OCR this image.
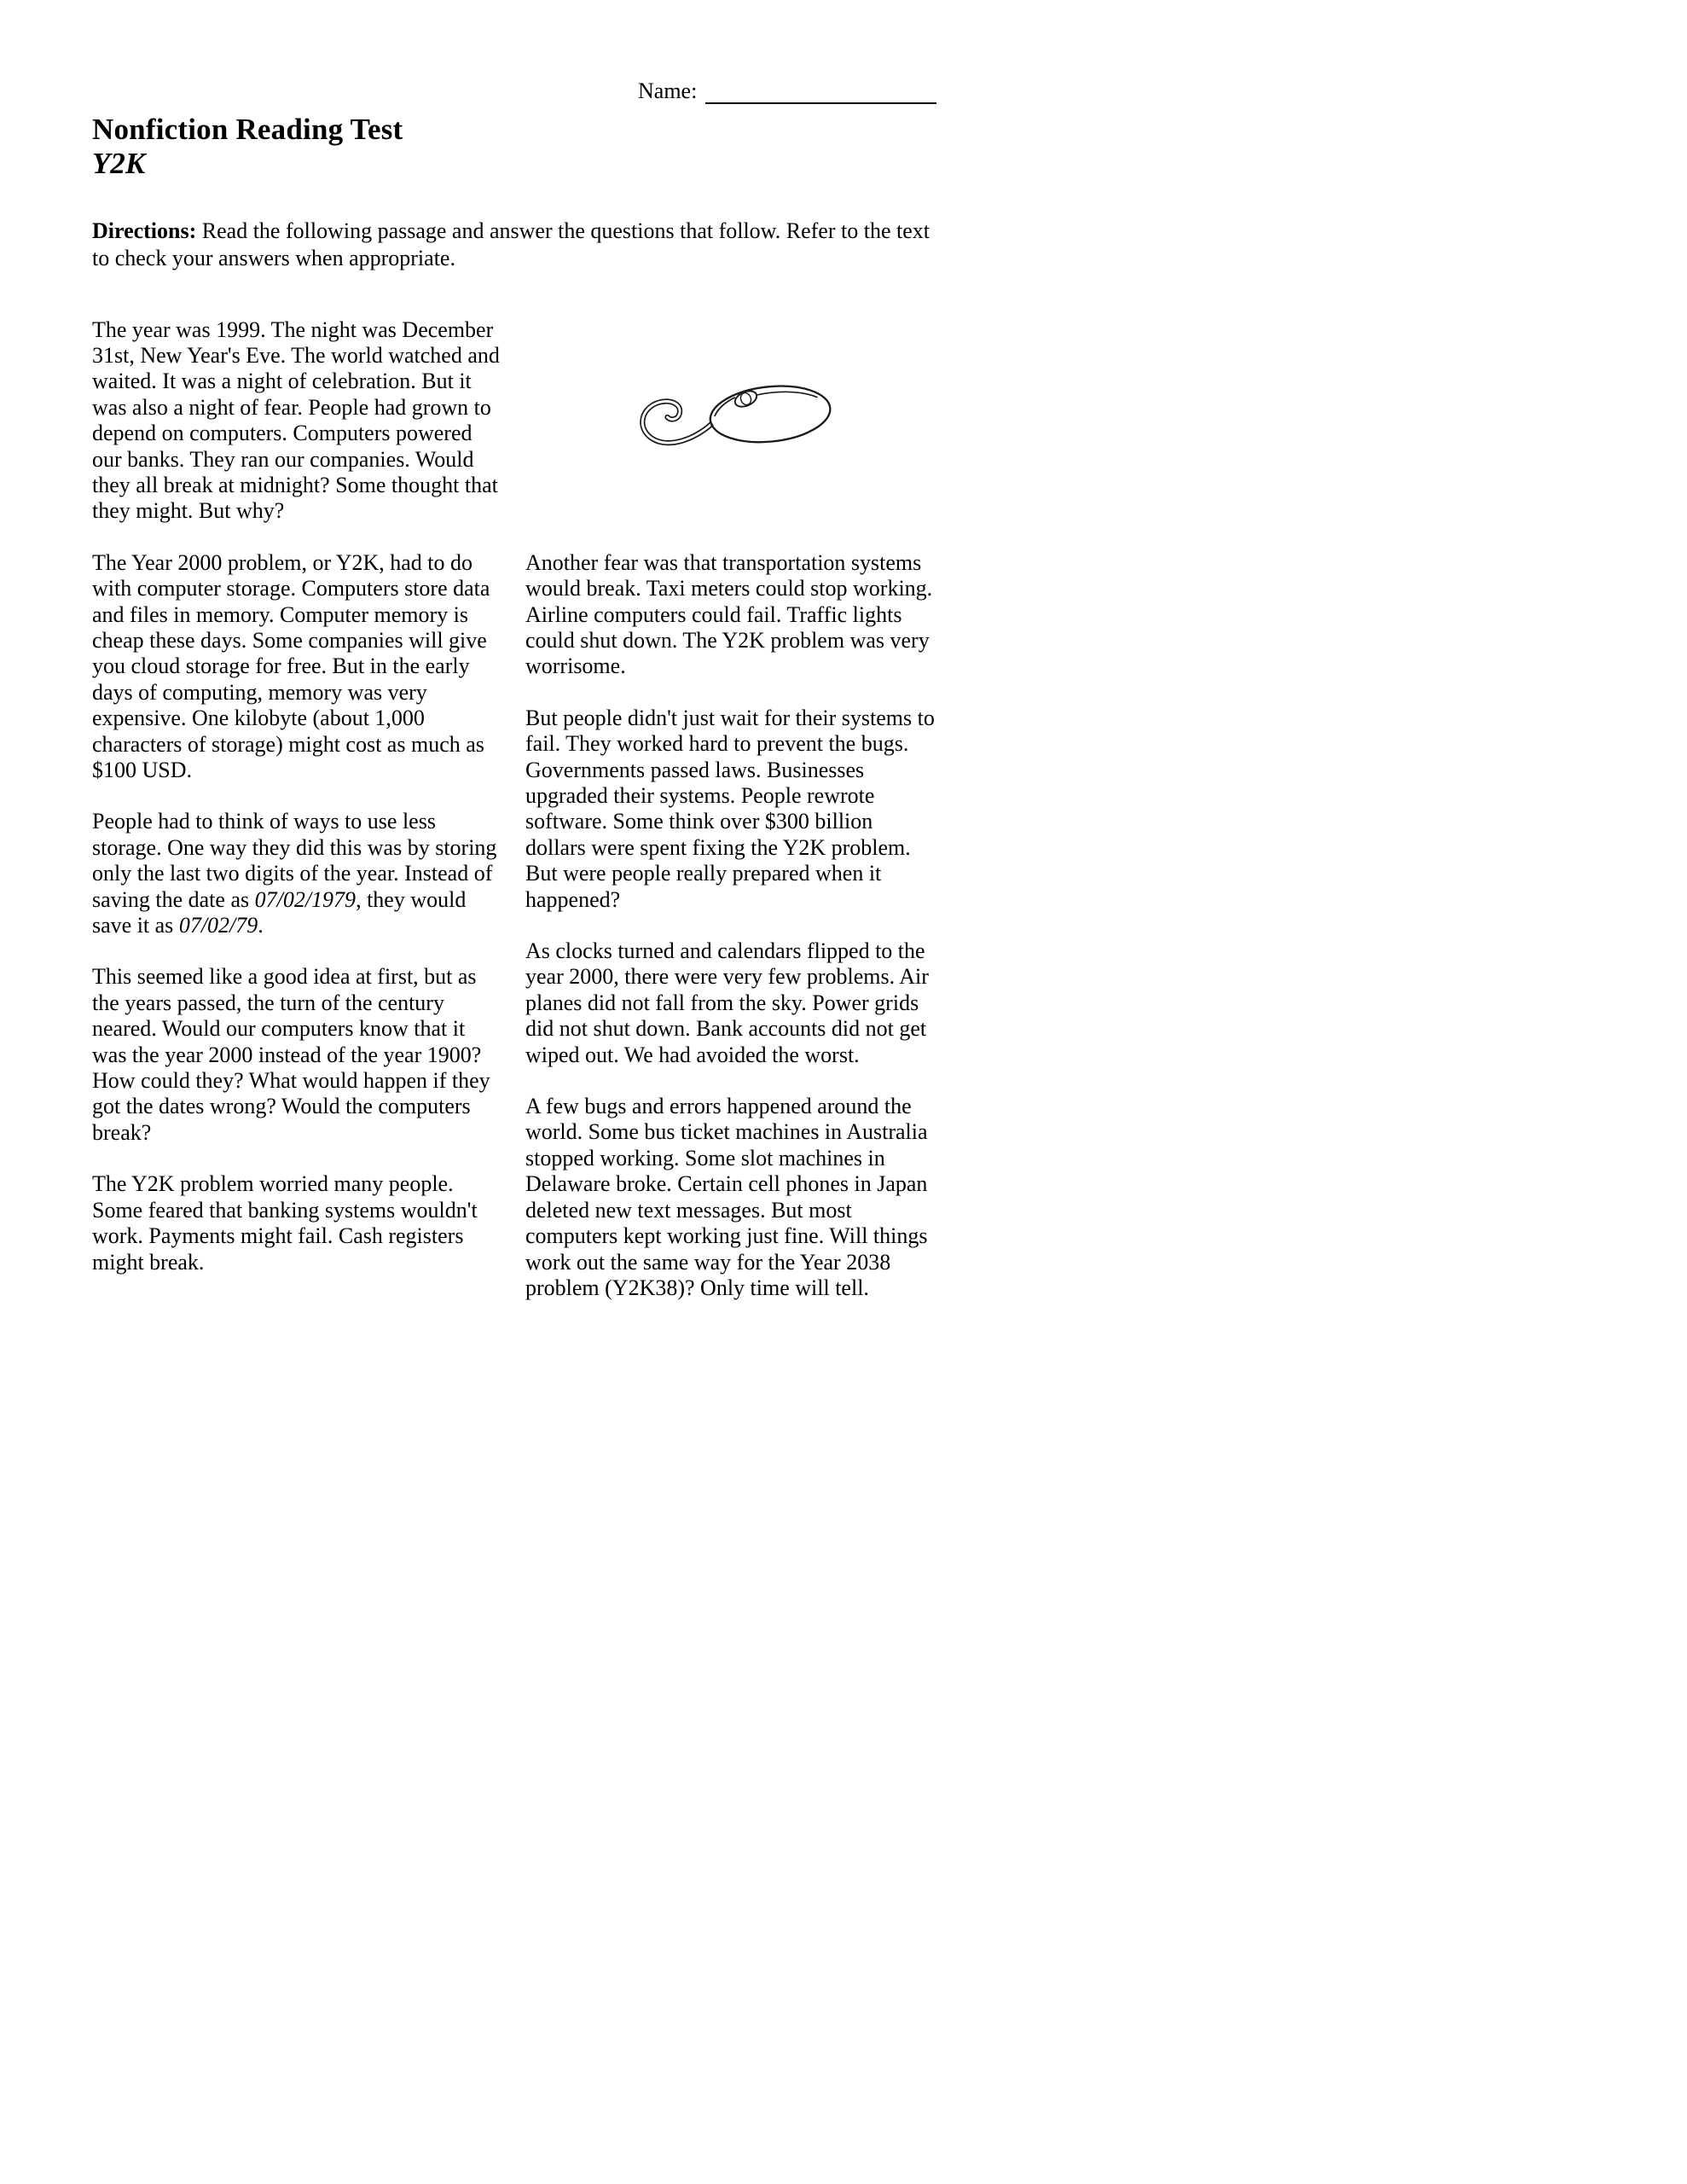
Name:
Nonfiction Reading Test
Y2K

Directions: Read the following passage and answer the questions that follow. Refer to the text to check your answers when appropriate.

The year was 1999. The night was December 31st, New Year's Eve. The world watched and waited. It was a night of celebration. But it was also a night of fear. People had grown to depend on computers. Computers powered our banks. They ran our companies. Would they all break at midnight? Some thought that they might. But why?

The Year 2000 problem, or Y2K, had to do with computer storage. Computers store data and files in memory. Computer memory is cheap these days. Some companies will give you cloud storage for free. But in the early days of computing, memory was very expensive. One kilobyte (about 1,000 characters of storage) might cost as much as $100 USD.

People had to think of ways to use less storage. One way they did this was by storing only the last two digits of the year. Instead of saving the date as 07/02/1979, they would save it as 07/02/79.

This seemed like a good idea at first, but as the years passed, the turn of the century neared. Would our computers know that it was the year 2000 instead of the year 1900? How could they? What would happen if they got the dates wrong? Would the computers break?

The Y2K problem worried many people. Some feared that banking systems wouldn't work. Payments might fail. Cash registers might break.

Another fear was that transportation systems would break. Taxi meters could stop working. Airline computers could fail. Traffic lights could shut down. The Y2K problem was very worrisome.

But people didn't just wait for their systems to fail. They worked hard to prevent the bugs. Governments passed laws. Businesses upgraded their systems. People rewrote software. Some think over $300 billion dollars were spent fixing the Y2K problem. But were people really prepared when it happened?

As clocks turned and calendars flipped to the year 2000, there were very few problems. Air planes did not fall from the sky. Power grids did not shut down. Bank accounts did not get wiped out. We had avoided the worst.

A few bugs and errors happened around the world. Some bus ticket machines in Australia stopped working. Some slot machines in Delaware broke. Certain cell phones in Japan deleted new text messages. But most computers kept working just fine. Will things work out the same way for the Year 2038 problem (Y2K38)? Only time will tell.
